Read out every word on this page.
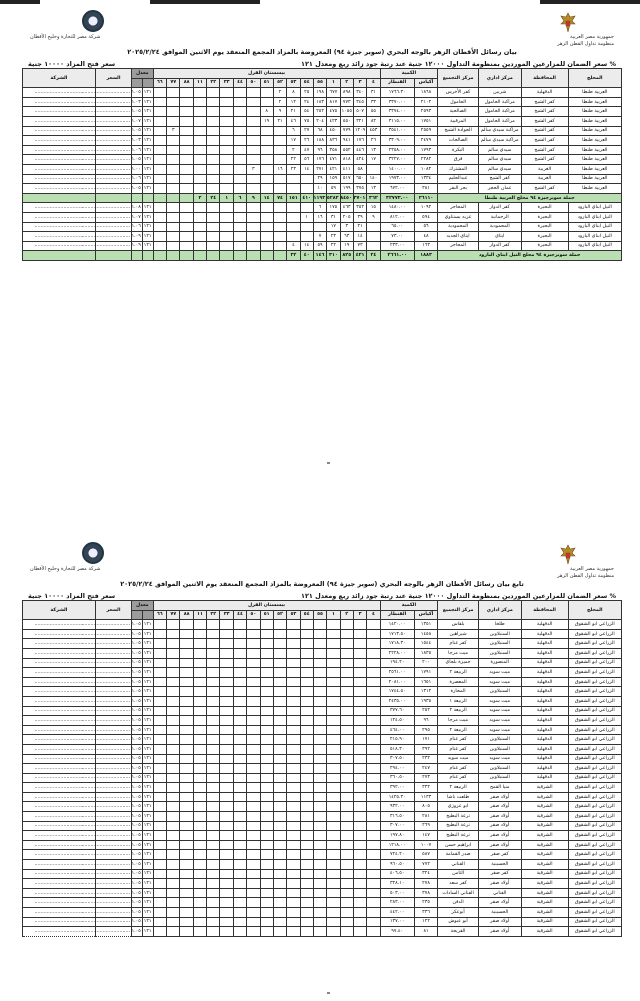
جمهورية مصر العربية
منظومة تداول القطن الزهر
شركة مصر للتجارة وحليج الأقطان
بيان رسائل الأقطان الزهر بالوجه البحري (سوبر جيزة ٩٤) المعروضة بالمزاد المجمع المنعقد يوم الاثنين الموافق ٢٠٢٥/٢/٢٤
سعر فتح المزاد ١٠٠٠٠ جنية	سعر الضمان للمزارعين الموردين بمنظومة التداول ١٢٠٠٠ جنية عند رتبة جود زائد ربع ومعدل ١٢١ %
المحلج	المحافظة	مركز اداري	مركز التجميع	الكمية		بيسستان القرل																	معدل		السعر	الشركة
				أكياس	القنطار	٤	٣	٢	١	٥٥	٥٤	٥٣	٥٢	٥١	٥٠	٤٤	٣٣	٢٢	١١	٨٨	٧٧	٦٦				
العربية طنطا	الدقهلية	شربين	كفر الأخرس	١٨٦٨	١٧٦٦.٣٠	٣١	٣٤٠	٨٩٨	٦٧٧	١٩٨	٢٥	٨	٢										١٢١	١.٠٥	................................	................................
العربية طنطا	كفر الشيخ	مراكبة الحامول	الحامول	٢١٠٢	٣٣٧٠.٠٠	٣٣	٣٤٥	٧٧٣	٨١٧	١٨٣	٢٤	١٢	٢										١٢١	١.٠٣	................................	................................
العربية طنطا	كفر الشيخ	مراكبة الحامول	الصالحية	٢٥٩٣	٣٣٧٤.٠٠	٥٥	٥٠٧	١٠٥٥	٤٧٥	٢٥٢	٥٤	٢١	٩	٨									١٢١	١.٠٥	................................	................................
العربية طنطا	كفر الشيخ	مراكبة الحامول	المرقبية	١٧٥١	٣١١٥.٠٠	٨٢	٣٢١	٥٥٠	٤٢٣	٢٠٤	٧٥	٤٦	٢١	١٩									١٢١	١.٠٧	................................	................................
العربية طنطا	كفر الشيخ	مراكبة سيدي سالم	الحوادة الشيخ	٢٥٥٩	٣٥٤١.٠٠	٤٥٣	١٢٠٩	٧٧٩	٤٥٠	٦٨	٢٧	٦									٣		١٢١	١.٠٥	................................	................................
العربية طنطا	كفر الشيخ	مراكبة سيدي سالم	الصالحات	٢٤٧٩	٣٣٠٩.٠٠	٢٦	١٧٦	٩٤١	٨٣٦	١٨٨	٢٦	١٧											١٢١	١.٠٣	................................	................................
العربية طنطا	كفر الشيخ	سيدي سالم	البكرة	١٧٩٣	٢٣٥٨.٠٠	١٣	٤٤٦	٥٥٢	٣٥٨	٩٦	٤٧	٢											١٢١	١.٠٦	................................	................................
العربية طنطا	كفر الشيخ	سيدي سالم	فرق	٢٢٨٢	٣٢٢٧.٠٠	١٧	٤٢٤	٨١٨	٤٧١	١٧٦	٥٦	٢٢											١٢١	١.٠٥	................................	................................
العربية طنطا	الغربية	سيدي سالم	المشترك	١٠٨٢	١٤٠٠.٠٠		٥٨	٤١١	٤٢١	٢٧١	١٤	٢٣	١٦		٣								١٢١	١.٠٠	................................	................................
العربية طنطا	الغربية	كفر الشيخ	عبدالحليم	١٣٣٤	١٩٧٣.٠٠	١٤٠	٦٥٠	٥١٧	١٥٩	٢٩													١٢١	١.٠٦	................................	................................
العربية طنطا	كفر الشيخ	عمان الحجر	بحر البقر	٣٨١	٦٧٢.٠٠	١٣	٣٧٥	١٩٩	٥٩	١٠													١٢١	١.٠٥	................................	................................
جملة سوبرجيزة ٩٤ محلج العربية طنطا				٢٦١١٠	٣٢٧٧٣.٠٠	٣٦٢	٣٧٠١	٨٤٥٠	٥٢٨٢	١١٩٣	٤١٠	١٥١	٧٤	١٤	٩	٦	١	٢٤	٢							
النيل ابناي البارود	البحيرة	كفر الدوار	المحاجر	١٠٩٢	١٤٨٠.٠٠	١٥	٣٥٢	٤٦٣	١٧٥	٦													١٢١	١.٠٨	................................	................................
النيل ابناي البارود	البحيرة	الرحمانية	عزبه بسنتاوي	٥٩٤	٨١٢.٠٠	٩	٣٩	٢٠٥	٣١	١٦	١												١٢١	١.٠٧	................................	................................
النيل ابناي البارود	البحيرة	المحمودية	المحمودية	٥٦	٦٥.٠٠		٢١	٣	١٧														١٢١	١.٠٦	................................	................................
النيل ابناي البارود	البحيرة	ايتاي	ايتاي الجديد	٤٨	٧٣.٠٠		١٤	٦٣	٢٣	٧													١٢١	١.٠٩	................................	................................
النيل ابناي البارود	البحيرة	كفر الدوار	المحاجر	١٦٣	٢٣٣.٠٠		٧٣	١٩	٢٢	٥٩	١٤	٤											١٢١	١.٠٩	................................	................................
جملة سوبرجيزة ٩٤ محلج النيل ابناي البارود				١٨٨٣	٢٦٦١.٠٠	٢٤	٤٢١	٨٢٥	٣١٠	١٤٦	٤٠	٢٢														
جمهورية مصر العربية
منظومة تداول القطن الزهر
شركة مصر للتجارة وحليج الأقطان
تابع بيان رسائل الأقطان الزهر بالوجه البحري (سوبر جيزة ٩٤) المعروضة بالمزاد المجمع المنعقد يوم الاثنين الموافق ٢٠٢٥/٢/٢٤
سعر فتح المزاد ١٠٠٠٠ جنية	سعر الضمان للمزارعين الموردين بمنظومة التداول ١٢٠٠٠ جنية عند رتبة جود زائد ربع ومعدل ١٢١ %
المحلج	المحافظة	مركز اداري	مركز التجميع	الكمية		بيسستان القرل																	معدل		السعر	الشركة
				أكياس	القنطار	٤	٣	٢	١	٥٥	٥٤	٥٣	٥٢	٥١	٥٠	٤٤	٣٣	٢٢	١١	٨٨	٧٧	٦٦				
الزراعي ابو الشقوق	الدقهلية	طلخا	بلقاس	١٣٥١	١٤٢٠.٠٠																		١٢١	١.٠٥	................................	................................
الزراعي ابو الشقوق	الدقهلية	السنبلاوين	شيراهين	١٤٥٨	١٧١٣.٥٠																		١٢١	١.٠٥	................................	................................
الزراعي ابو الشقوق	الدقهلية	السنبلاوين	كفر غنام	١٥٤٤	١٧١٨.٣٠																		١٢١	١.٠٥	................................	................................
الزراعي ابو الشقوق	الدقهلية	السنبلاوين	ميت مرجا	١٨٣٥	٢٢٢٨.٠٠																		١٢١	١.٠٥	................................	................................
الزراعي ابو الشقوق	الدقهلية	المنصورة	جميزة بلجاي	٢٠٠	١٩٤.٢٠																		١٢١	١.٠٥	................................	................................
الزراعي ابو الشقوق	الدقهلية	ميت سويد	الربيعة ٢	١٧٩١	٢٥٦١.٠٠																		١٢١	١.٠٥	................................	................................
الزراعي ابو الشقوق	الدقهلية	ميت سويد	المعصرة	١٦٥١	٢٠٨١.٠٠																		١٢١	١.٠٥	................................	................................
الزراعي ابو الشقوق	الدقهلية	السنبلاوين	المحارة	١٣١٢	١٧٤٤.٥٠																		١٢١	١.٠٥	................................	................................
الزراعي ابو الشقوق	الدقهلية	ميت سويد	الربيعة ١	١٩٣٥	٢٤٣٥.٠٠																		١٢١	١.٠٥	................................	................................
الزراعي ابو الشقوق	الدقهلية	ميت سويد	الربيعة ٢	٢٥٢	٣٧٧.٦٠																		١٢١	١.٠٥	................................	................................
الزراعي ابو الشقوق	الدقهلية	ميت سويد	ميت مرجا	٩٦	١٢٤.٥٠																		١٢١	١.٠٥	................................	................................
الزراعي ابو الشقوق	الدقهلية	ميت سويد	الربيعة ٢	٢٩٥	٤٦٤.٠٠																		١٢١	١.٠٥	................................	................................
الزراعي ابو الشقوق	الدقهلية	السنبلاوين	كفر غنام	١٧١	٢١٥.٩٠																		١٢١	١.٠٥	................................	................................
الزراعي ابو الشقوق	الدقهلية	السنبلاوين	كفر غنام	٣٩٢	٥١٨.٣٠																		١٢١	١.٠٥	................................	................................
الزراعي ابو الشقوق	الدقهلية	ميت سويد	ميت سويد	٢٣٢	٣٠٧.٥٠																		١٢١	١.٠٥	................................	................................
الزراعي ابو الشقوق	الدقهلية	السنبلاوين	كفر غنام	٢٤٧	٢٩٤.٠٠																		١٢١	١.٠٥	................................	................................
الزراعي ابو الشقوق	الدقهلية	السنبلاوين	كفر غنام	٢٧٣	٣٦٠.٥٠																		١٢١	١.٠٥	................................	................................
الزراعي ابو الشقوق	الشرقية	منيا القمح	الربيعة ٢	٣٣٢	٣٩٢.٠٠																		١٢١	١.٠٥	................................	................................
الزراعي ابو الشقوق	الشرقية	أولاد صقر	طلعت باشا	١١٣٣	١٤٢٥.٣٠																		١٢١	١.٠٥	................................	................................
الزراعي ابو الشقوق	الشرقية	أولاد صقر	ابو عزوزي	٨٠٥	٩٣٢.٠٠																		١٢١	١.٠٥	................................	................................
الزراعي ابو الشقوق	الشرقية	أولاد صقر	ترعة البطيخ	٢٨١	٣١٦.٥٠																		١٢١	١.٠٥	................................	................................
الزراعي ابو الشقوق	الشرقية	أولاد صقر	ترعة البطيخ	٢٦٩	٣٠٧.٠٠																		١٢١	١.٠٥	................................	................................
الزراعي ابو الشقوق	الشرقية	أولاد صقر	ترعة البطيخ	١٤٧	١٩٧.٨٠																		١٢١	١.٠٥	................................	................................
الزراعي ابو الشقوق	الشرقية	أولاد صقر	ابراهيم حسن	١٠٠٧	١٢١٨.٠٠																		١٢١	١.٠٥	................................	................................
الزراعي ابو الشقوق	الشرقية	كفر صقر	صدر القمامة	٥٨٧	٧٢٤.٢٠																		١٢١	١.٠٥	................................	................................
الزراعي ابو الشقوق	الشرقية	الحسينية	القناني	٧٧٢	٩٦٠.٥٠																		١٢١	١.٠٥	................................	................................
الزراعي ابو الشقوق	الشرقية	كفر صقر	الثامن	٣٢٤	٤٠٦.٥٠																		١٢١	١.٠٥	................................	................................
الزراعي ابو الشقوق	الشرقية	أولاد صقر	كفر سعد	٢٧٨	٣٢٨.١٠																		١٢١	١.٠٥	................................	................................
الزراعي ابو الشقوق	الشرقية	القناني	القناني السادات	٣٧٨	٥٠٣.٠٠																		١٢١	١.٠٥	................................	................................
الزراعي ابو الشقوق	الشرقية	أولاد صقر	الدفن	٢٣٥	٢٨٣.٠٠																		١٢١	١.٠٥	................................	................................
الزراعي ابو الشقوق	الشرقية	الحسينية	أبوعكر	٣٣٦	٤٤٢.٠٠																		١٢١	١.٠٥	................................	................................
الزراعي ابو الشقوق	الشرقية	أولاد صقر	أبو عبوش	١٢٢	١٣٧.٠٠																		١٢١	١.٠٥	................................	................................
الزراعي ابو الشقوق	الشرقية	أولاد صقر	القريحة	٨١	٩٧.٤٠																		١٢١	١.٠٥	................................	................................
